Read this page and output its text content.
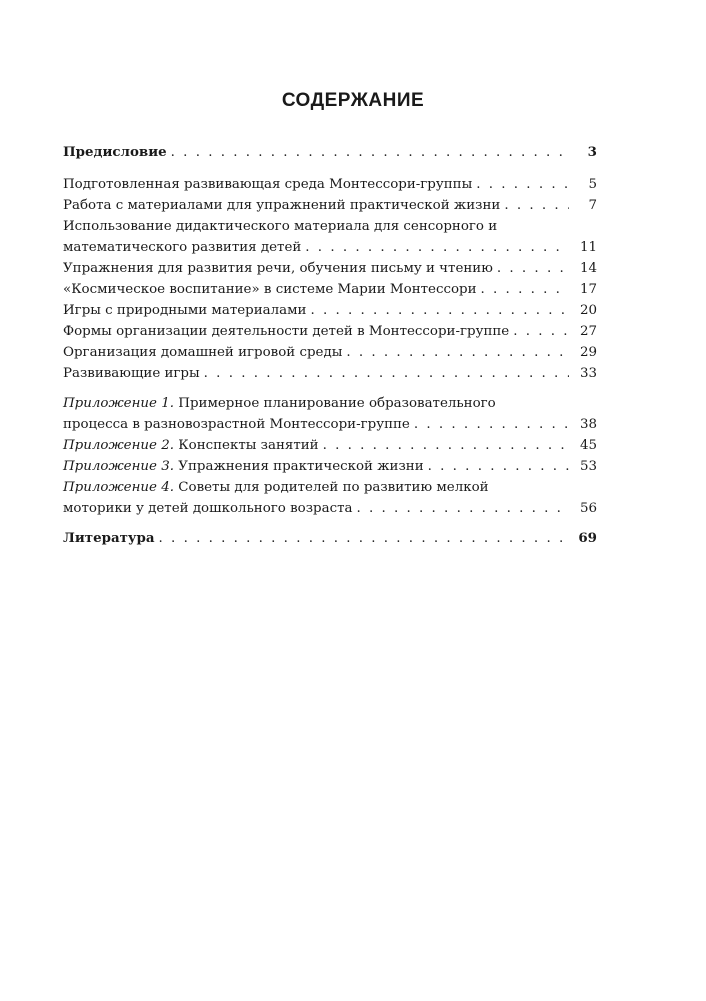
СОДЕРЖАНИЕ
Предисловие . . .	3
Подготовленная развивающая среда Монтессори-группы . . .	5
Работа с материалами для упражнений практической жизни . . .	7
Использование дидактического материала для сенсорного и
математического развития детей . . .	11
Упражнения для развития речи, обучения письму и чтению . . .	14
«Космическое воспитание» в системе Марии Монтессори . . .	17
Игры с природными материалами . . .	20
Формы организации деятельности детей в Монтессори-группе . . .	27
Организация домашней игровой среды . . .	29
Развивающие игры . . .	33
Приложение 1. Примерное планирование образовательного
процесса в разновозрастной Монтессори-группе . . .	38
Приложение 2. Конспекты занятий . . .	45
Приложение 3. Упражнения практической жизни . . .	53
Приложение 4. Советы для родителей по развитию мелкой
моторики у детей дошкольного возраста . . .	56
Литература . . .	69
